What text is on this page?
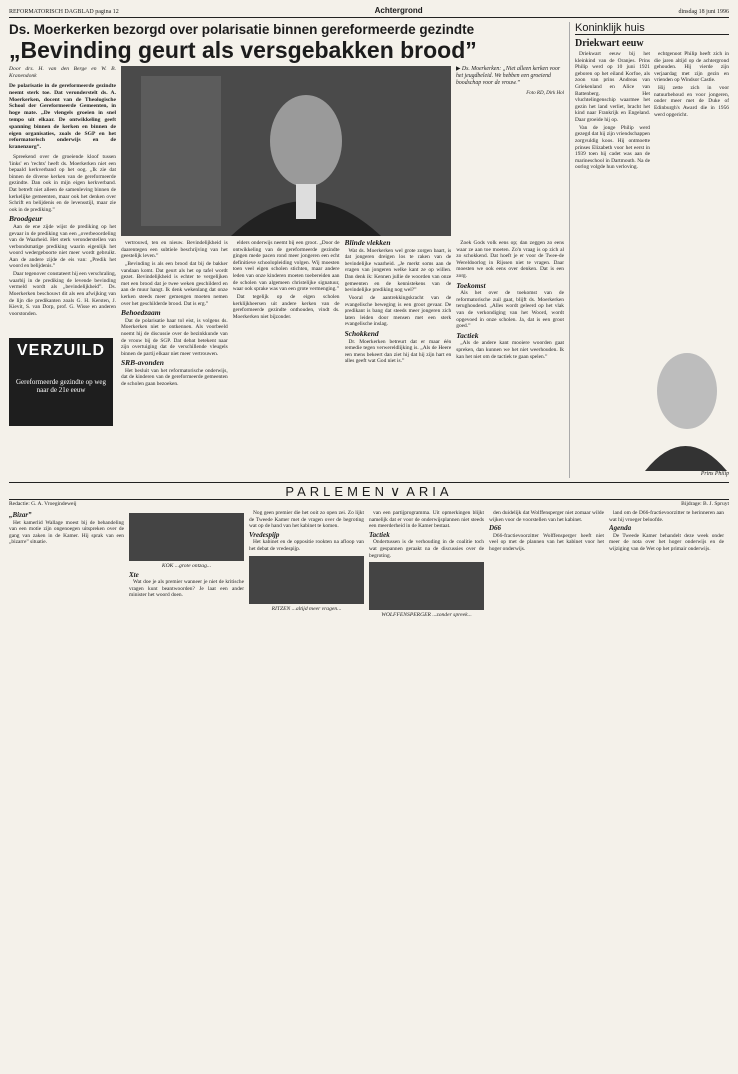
REFORMATORISCH DAGBLAD pagina 12	Achtergrond	dinsdag 18 juni 1996
Ds. Moerkerken bezorgd over polarisatie binnen gereformeerde gezindte
„Bevinding geurt als versgebakken brood”
Door drs. H. van den Berge en W. B. Kranendonk
De polarisatie in de gereformeerde gezindte neemt sterk toe. Dat veronderstelt ds. A. Moerkerken, docent van de Theologische School der Gereformeerde Gemeenten, in hoge mate. „De vlengels groeien in snel tempo uit elkaar. De ontwikkeling geeft spanning binnen de kerken en binnen de eigen organisaties, zoals de SGP en het reformatorisch onderwijs en de kranenzorg”.

Spreekend over de groeiende kloof tussen 'links' en 'rechts' heeft ds. Moerkerken niet een bepaald kerkverband op het oog. „Ik zie dat binnen de diverse kerken van de gereformeerde gezindte. Dan ook in mijn eigen kerkverband. Dat betreft niet alleen de samenleving binnen de kerkelijke gemeenten, maar ook het denken over Schrift en belijdenis en de levensstijl, maar zie ook in de prediking.”

Broodgeur

Aan de ene zijde wijst de prediking op het gevaar in de prediking van een „overbeoordeling van de Waarheid. Het sterk veronderstellen van verbondsmatige prediking waarin eigenlijk het woord wedergeboorte niet meer wordt gebruikt. Aan de andere zijde de eis van: „Predik het woord en belijdenis.”

Daar tegenover constateert hij een verschraling, waarbij in de prediking de levende bevinding vermeld wordt als „bevindelijkheid”. Ds. Moerkerken beschouwt dit als een afwijking van de lijn die predikanten zoals G. H. Kersten, J. Kievit, S. van Dorp, prof. G. Wisse en anderen voorstonden.

▶ Ds. Moerkerken: „Niet alleen kerken voor het jeugdbeleid. We hebben een groeiend boodschap voor de vrouw.”
Foto RD, Dirk Hol

vertrouwd, ten en nieuw. Bevindelijkheid is daarentegen een subtiele beschrijving van het geestelijk leven.”

„Bevinding is als een brood dat bij de bakker vandaan komt. Dat geurt als het op tafel wordt gezet. Bevindelijkheid is echter te vergelijken met een brood dat je twee weken geschilderd en aan de muur hangt. Ik denk wekenlang dat onze kerken steeds meer gemengen moeten nemen over het geschilderde brood. Dat is erg.”

Behoedzaam

Dat de polarisatie haar tol eist, is volgens ds. Moerkerken niet te ontkennen. Als voorbeeld noemt hij de discussie over de bezinkkunde van de vrouw bij de SGP. Dat debat betekent naar zijn overtuiging dat de verschillende vleugels binnen de partij elkaar niet meer vertrouwen.

SRB-avonden

Het besluit van het reformatorische onderwijs, dat de kinderen van de gereformeerde gemeenten de scholen gaan bezoeken.

elders onderwijs neemt bij een groot. „Door de ontwikkeling van de gereformeerde gezindte gingen mede pacen rond meer jongeren een echt definitieve schoolopleiding volgen. Wij moesten toen veel eigen scholen stichten, maar andere leden van onze kinderen moeten toebereiden aan de scholen van algemeen christelijke signatuur, waar ook sprake was van een grote vermenging.”

Dat tegelijk op de eigen scholen kerklijkheersen uit andere kerken van de gereformeerde gezindte onthouden, vindt ds. Moerkerken niet bijzonder.

Blinde vlekken

Wat ds. Moerkerken wel grote zorgen baart, is dat jongeren dreigen los te raken van de bevindelijke waarheid. „Je merkt soms aan de vragen van jongeren welke kant ze op willen. Dan denk ik: Kennen jullie de woorden van onze gemeenten en de kennistekens van de bevindelijke prediking nog wel?”

Vooral de aantrekkingskracht van de evangelische beweging is een groot gevaar. De predikant is bang dat steeds meer jongeren zich laten leiden door mensen met een sterk evangelische inslag.

Schokkend

Dr. Moerkerken betreurt dat er maar één remedie tegen verwereldlijking is. „Als de Heere een mens bekeert dan ziet hij dat hij zijn hart en alles geeft wat God niet is.”

Zoek Gods volk eens op; dan zeggen zo eens waar ze aan toe moeten. Zo'n vraag is op zich al zo schokkend. Dat hoeft je er voor de Twee-de Wereldoorlog in Rijssen niet te vragen. Daar moesten we ook eens over denken. Dat is een zorg.

Toekomst

Als het over de toekomst van de reformatorische zuil gaat, blijft ds. Moerkerken terughoudend. „Alles wordt geleerd op het vlak van de verkondiging van het Woord, wordt opgevoed in onze scholen. Ja, dat is een groot goed.”

Tactiek

„Als de andere kant mooiere woorden gaat spreken, dan kunnen we het niet weerhouden. Ik kan het niet om de tactiek te gaan spelen.”

VERZUILD
Gereformeerde gezindte op weg naar de 21e eeuw
Koninklijk huis
Driekwart eeuw

Driekwart eeuw bij het kleinkind van de Oranjes. Prins Philip werd op 10 juni 1921 geboren op het eiland Korfoe, als zoon van prins Andreas van Griekenland en Alice van Battenberg. Het vluchtelingenschip waarmee het gezin het land verliet, bracht het kind naar Frankrijk en Engeland. Daar groeide hij op.

Van de jonge Philip werd gezegd dat hij zijn vriendschappen zorgvuldig koos. Hij ontmoette prinses Elizabeth voor het eerst in 1939 toen hij cadet was aan de marineschool in Dartmouth. Na de oorlog volgde hun verloving.

echtgenoot Philip heeft zich in die jaren altijd op de achtergrond gehouden. Hij vierde zijn verjaardag met zijn gezin en vrienden op Windsor Castle.

Hij zette zich in voor natuurbehoud en voor jongeren, onder meer met de Duke of Edinburgh's Award die in 1956 werd opgericht.

Prins Philip
PARLEMEN ∨ ARIA
Redactie: G. A. Vroegindeweij	Bijdrage: B. J. Spruyt
„Bizar”

Het kamerlid Wallage moest bij de behandeling van een motie zijn ongenoegen uitspreken over de gang van zaken in de Kamer. Hij sprak van een „bizarre” situatie.

KOK ...grote ontzag...
Xte

Wat doe je als premier wanneer je niet de kritische vragen kunt beantwoorden? Je laat een ander minister het woord doen.

Nog geen premier die het ooit zo open zei. Zo lijkt de Tweede Kamer met de vragen over de begroting wat op de hand van het kabinet te komen.

Vredespijp

Het kabinet en de oppositie rookten na afloop van het debat de vredespijp.

RITZEN ...altijd meer vragen...

van een partijprogramma. Uit opmerkingen blijkt namelijk dat er voor de onderwijsplannen niet steeds een meerderheid in de Kamer bestaat.

Tactiek

Ondertussen is de verhouding in de coalitie toch wat gespannen geraakt na de discussies over de begroting.

WOLFFENSPERGER ...zonder spreek...

den duidelijk dat Wolffensperger niet zomaar wilde wijken voor de voorstellen van het kabinet.

D66

D66-fractievoorzitter Wolffensperger heeft niet veel op met de plannen van het kabinet voor het hoger onderwijs.

land om de D66-fractievoorzitter te herinneren aan wat hij vroeger beloofde.

Agenda

De Tweede Kamer behandelt deze week onder meer de nota over het hoger onderwijs en de wijziging van de Wet op het primair onderwijs.
